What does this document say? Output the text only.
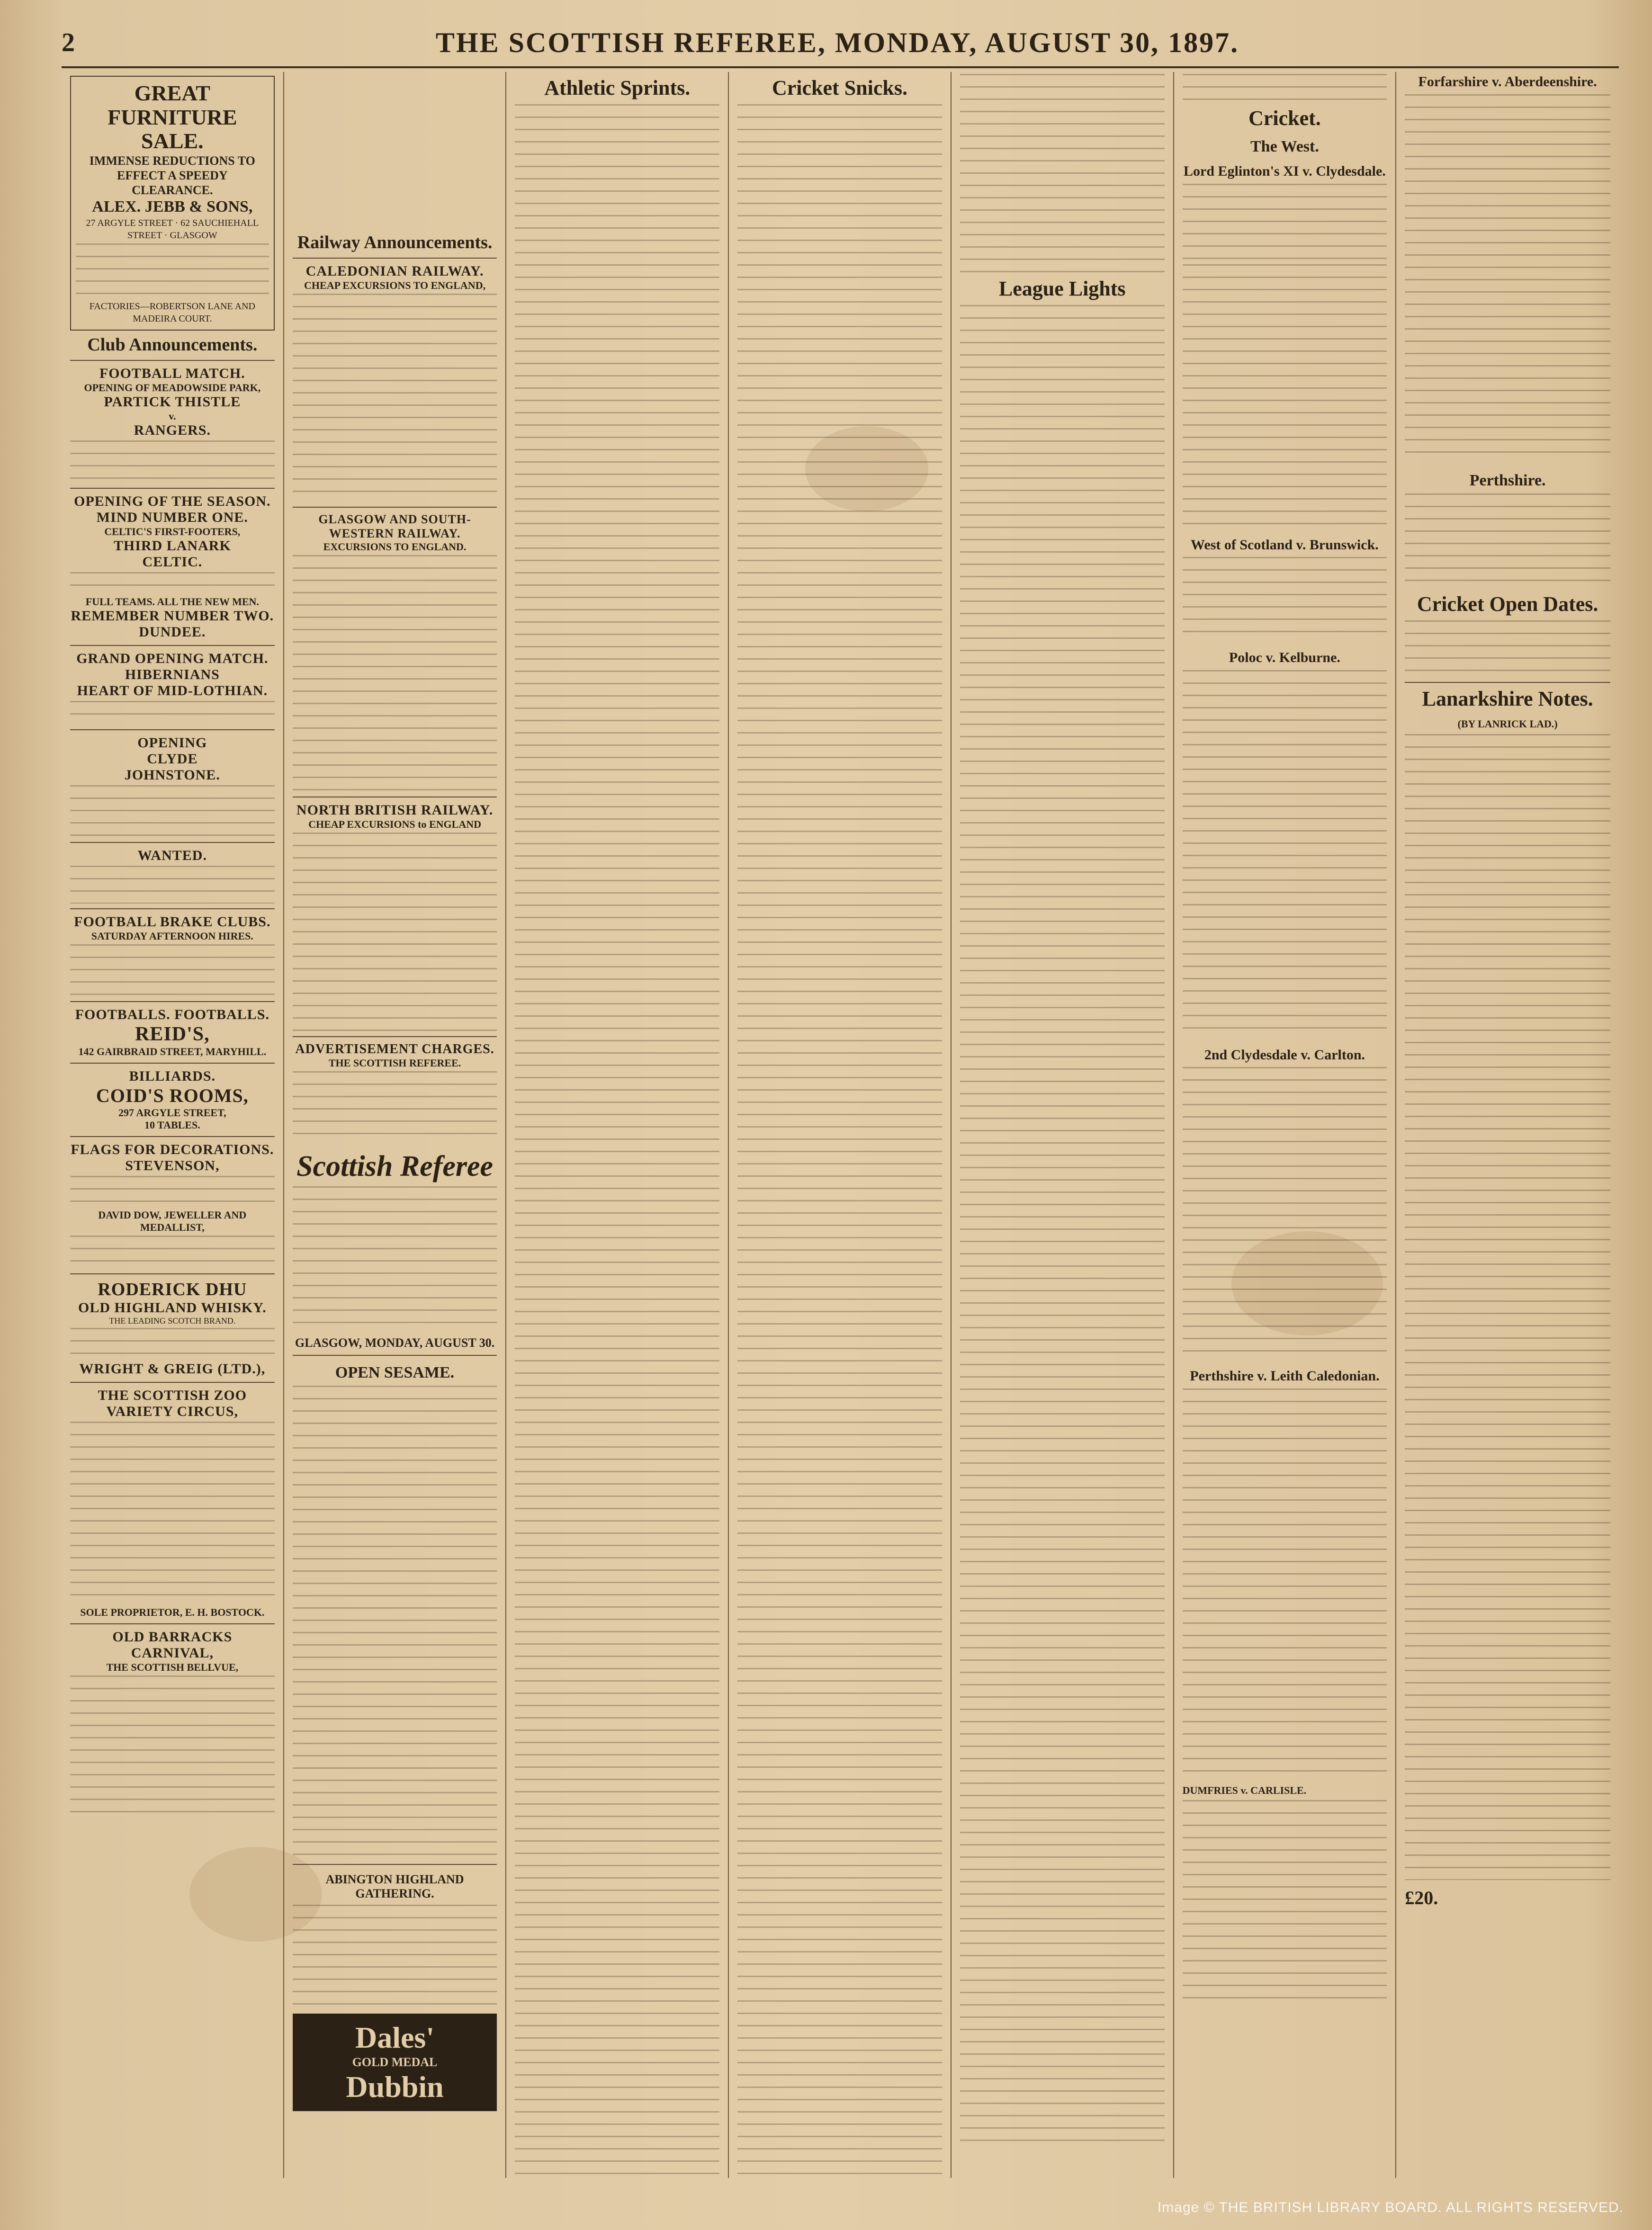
2	THE SCOTTISH REFEREE, MONDAY, AUGUST 30, 1897.
GREAT FURNITURE SALE.
IMMENSE REDUCTIONS TO EFFECT A SPEEDY CLEARANCE.
ALEX. JEBB & SONS,
27 ARGYLE STREET · 62 SAUCHIEHALL STREET · GLASGOW
FACTORIES—ROBERTSON LANE AND MADEIRA COURT.
Club Announcements.
FOOTBALL MATCH.
OPENING OF MEADOWSIDE PARK,
PARTICK THISTLE
v.
RANGERS.
OPENING OF THE SEASON.
MIND NUMBER ONE.
CELTIC'S FIRST-FOOTERS,
THIRD LANARK
CELTIC.
FULL TEAMS. ALL THE NEW MEN.
REMEMBER NUMBER TWO.
DUNDEE.
GRAND OPENING MATCH.
HIBERNIANS
HEART OF MID-LOTHIAN.
OPENING
CLYDE
JOHNSTONE.
WANTED.
FOOTBALL BRAKE CLUBS.
SATURDAY AFTERNOON HIRES.
FOOTBALLS. FOOTBALLS.
REID'S,
142 GAIRBRAID STREET, MARYHILL.
BILLIARDS.
COID'S ROOMS,
297 ARGYLE STREET,
10 TABLES.
FLAGS FOR DECORATIONS.
STEVENSON,
DAVID DOW, JEWELLER AND MEDALLIST,
RODERICK DHU
OLD HIGHLAND WHISKY.
THE LEADING SCOTCH BRAND.
WRIGHT & GREIG (LTD.),
THE SCOTTISH ZOO
VARIETY CIRCUS,
SOLE PROPRIETOR, E. H. BOSTOCK.
OLD BARRACKS CARNIVAL,
THE SCOTTISH BELLVUE,
Railway Announcements.
CALEDONIAN RAILWAY.
CHEAP EXCURSIONS TO ENGLAND,
GLASGOW AND SOUTH-WESTERN RAILWAY.
EXCURSIONS TO ENGLAND.
NORTH BRITISH RAILWAY.
CHEAP EXCURSIONS to ENGLAND
ADVERTISEMENT CHARGES.
THE SCOTTISH REFEREE.
Scottish Referee
GLASGOW, MONDAY, AUGUST 30.
OPEN SESAME.
ABINGTON HIGHLAND GATHERING.
Dales'
GOLD MEDAL
Dubbin
Athletic Sprints.	Cricket Snicks.
League Lights
Cricket.
The West.
Lord Eglinton's XI v. Clydesdale.
West of Scotland v. Brunswick.
Poloc v. Kelburne.
2nd Clydesdale v. Carlton.
Perthshire v. Leith Caledonian.
DUMFRIES v. CARLISLE.
Forfarshire v. Aberdeenshire.
Perthshire.
Cricket Open Dates.
Lanarkshire Notes.
(BY LANRICK LAD.)
£20.
Image © THE BRITISH LIBRARY BOARD. ALL RIGHTS RESERVED.
